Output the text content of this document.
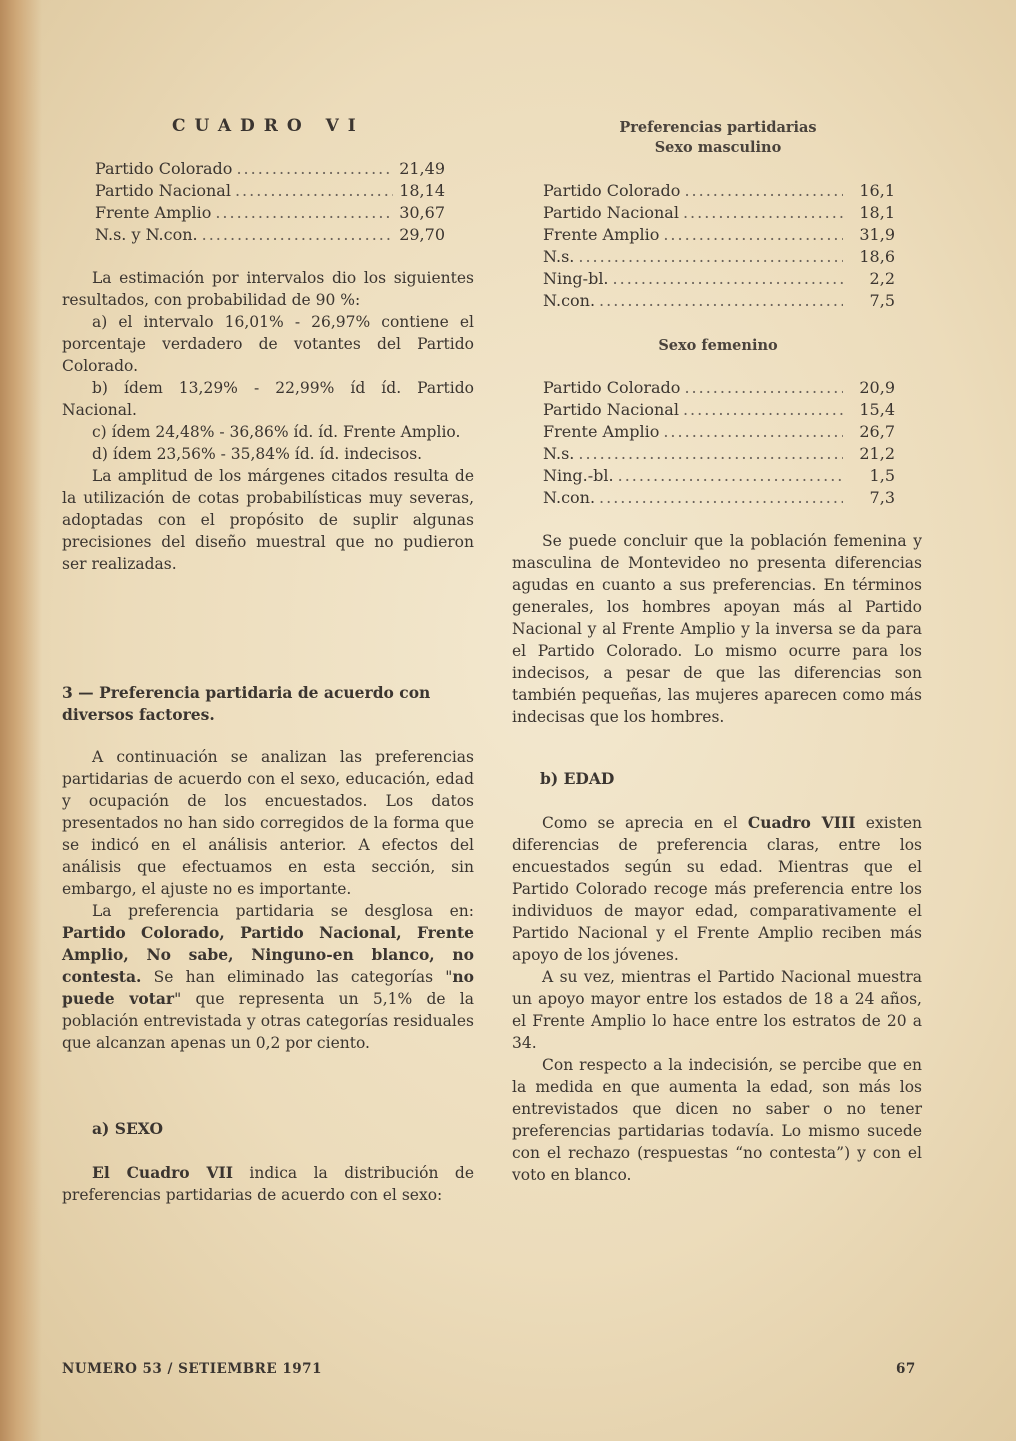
CUADRO VI
Partido Colorado .....	21,49
Partido Nacional .....	18,14
Frente Amplio .....	30,67
N.s. y N.con. .....	29,70

La estimación por intervalos dio los siguientes resultados, con probabilidad de 90 %:

a) el intervalo 16,01% - 26,97% contiene el porcentaje verdadero de votantes del Partido Colorado.

b) ídem 13,29% - 22,99% íd íd. Partido Nacional.

c) ídem 24,48% - 36,86% íd. íd. Frente Amplio.

d) ídem 23,56% - 35,84% íd. íd. indecisos.

La amplitud de los márgenes citados resulta de la utilización de cotas probabilísticas muy severas, adoptadas con el propósito de suplir algunas precisiones del diseño muestral que no pudieron ser realizadas.

3 — Preferencia partidaria de acuerdo con diversos factores.

A continuación se analizan las preferencias partidarias de acuerdo con el sexo, educación, edad y ocupación de los encuestados. Los datos presentados no han sido corregidos de la forma que se indicó en el análisis anterior. A efectos del análisis que efectuamos en esta sección, sin embargo, el ajuste no es importante.

La preferencia partidaria se desglosa en: Partido Colorado, Partido Nacional, Frente Amplio, No sabe, Ninguno-en blanco, no contesta. Se han eliminado las categorías "no puede votar" que representa un 5,1% de la población entrevistada y otras categorías residuales que alcanzan apenas un 0,2 por ciento.

a) SEXO

El Cuadro VII indica la distribución de preferencias partidarias de acuerdo con el sexo:

Preferencias partidarias
Sexo masculino
Partido Colorado .....	16,1
Partido Nacional .....	18,1
Frente Amplio .....	31,9
N.s. .....	18,6
Ning-bl. .....	2,2
N.con. .....	7,5
Sexo femenino
Partido Colorado .....	20,9
Partido Nacional .....	15,4
Frente Amplio .....	26,7
N.s. .....	21,2
Ning.-bl. .....	1,5
N.con. .....	7,3

Se puede concluir que la población femenina y masculina de Montevideo no presenta diferencias agudas en cuanto a sus preferencias. En términos generales, los hombres apoyan más al Partido Nacional y al Frente Amplio y la inversa se da para el Partido Colorado. Lo mismo ocurre para los indecisos, a pesar de que las diferencias son también pequeñas, las mujeres aparecen como más indecisas que los hombres.

b) EDAD

Como se aprecia en el Cuadro VIII existen diferencias de preferencia claras, entre los encuestados según su edad. Mientras que el Partido Colorado recoge más preferencia entre los individuos de mayor edad, comparativamente el Partido Nacional y el Frente Amplio reciben más apoyo de los jóvenes.

A su vez, mientras el Partido Nacional muestra un apoyo mayor entre los estados de 18 a 24 años, el Frente Amplio lo hace entre los estratos de 20 a 34.

Con respecto a la indecisión, se percibe que en la medida en que aumenta la edad, son más los entrevistados que dicen no saber o no tener preferencias partidarias todavía. Lo mismo sucede con el rechazo (respuestas “no contesta”) y con el voto en blanco.

NUMERO 53 / SETIEMBRE 1971	67
